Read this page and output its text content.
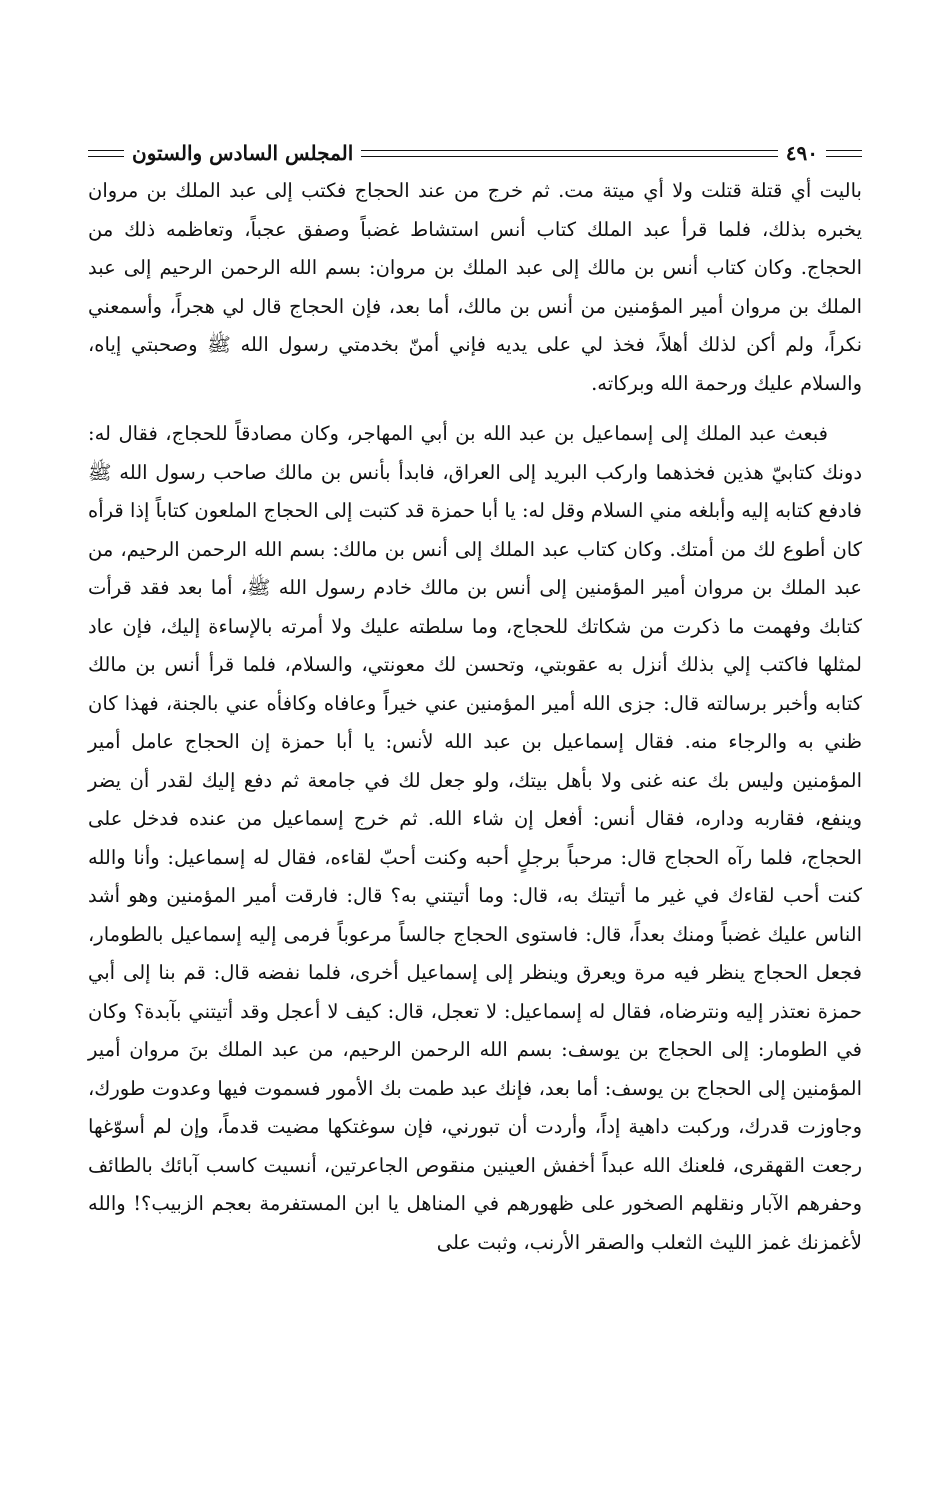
٤٩٠
المجلس السادس والستون

باليت أي قتلة قتلت ولا أي ميتة مت. ثم خرج من عند الحجاج فكتب إلى عبد الملك بن مروان يخبره بذلك، فلما قرأ عبد الملك كتاب أنس استشاط غضباً وصفق عجباً، وتعاظمه ذلك من الحجاج. وكان كتاب أنس بن مالك إلى عبد الملك بن مروان: بسم الله الرحمن الرحيم إلى عبد الملك بن مروان أمير المؤمنين من أنس بن مالك، أما بعد، فإن الحجاج قال لي هجراً، وأسمعني نكراً، ولم أكن لذلك أهلاً، فخذ لي على يديه فإني أمنّ بخدمتي رسول الله ﷺ وصحبتي إياه، والسلام عليك ورحمة الله وبركاته.

فبعث عبد الملك إلى إسماعيل بن عبد الله بن أبي المهاجر، وكان مصادقاً للحجاج، فقال له: دونك كتابيّ هذين فخذهما واركب البريد إلى العراق، فابدأ بأنس بن مالك صاحب رسول الله ﷺ فادفع كتابه إليه وأبلغه مني السلام وقل له: يا أبا حمزة قد كتبت إلى الحجاج الملعون كتاباً إذا قرأه كان أطوع لك من أمتك. وكان كتاب عبد الملك إلى أنس بن مالك: بسم الله الرحمن الرحيم، من عبد الملك بن مروان أمير المؤمنين إلى أنس بن مالك خادم رسول الله ﷺ، أما بعد فقد قرأت كتابك وفهمت ما ذكرت من شكاتك للحجاج، وما سلطته عليك ولا أمرته بالإساءة إليك، فإن عاد لمثلها فاكتب إلي بذلك أنزل به عقوبتي، وتحسن لك معونتي، والسلام، فلما قرأ أنس بن مالك كتابه وأخبر برسالته قال: جزى الله أمير المؤمنين عني خيراً وعافاه وكافأه عني بالجنة، فهذا كان ظني به والرجاء منه. فقال إسماعيل بن عبد الله لأنس: يا أبا حمزة إن الحجاج عامل أمير المؤمنين وليس بك عنه غنى ولا بأهل بيتك، ولو جعل لك في جامعة ثم دفع إليك لقدر أن يضر وينفع، فقاربه وداره، فقال أنس: أفعل إن شاء الله. ثم خرج إسماعيل من عنده فدخل على الحجاج، فلما رآه الحجاج قال: مرحباً برجلٍ أحبه وكنت أحبّ لقاءه، فقال له إسماعيل: وأنا والله كنت أحب لقاءك في غير ما أتيتك به، قال: وما أتيتني به؟ قال: فارقت أمير المؤمنين وهو أشد الناس عليك غضباً ومنك بعداً، قال: فاستوى الحجاج جالساً مرعوباً فرمى إليه إسماعيل بالطومار، فجعل الحجاج ينظر فيه مرة ويعرق وينظر إلى إسماعيل أخرى، فلما نفضه قال: قم بنا إلى أبي حمزة نعتذر إليه ونترضاه، فقال له إسماعيل: لا تعجل، قال: كيف لا أعجل وقد أتيتني بآبدة؟ وكان في الطومار: إلى الحجاج بن يوسف: بسم الله الرحمن الرحيم، من عبد الملك بنَ مروان أمير المؤمنين إلى الحجاج بن يوسف: أما بعد، فإنك عبد طمت بك الأمور فسموت فيها وعدوت طورك، وجاوزت قدرك، وركبت داهية إداً، وأردت أن تبورني، فإن سوغتكها مضيت قدماً، وإن لم أسوّغها رجعت القهقرى، فلعنك الله عبداً أخفش العينين منقوص الجاعرتين، أنسيت كاسب آبائك بالطائف وحفرهم الآبار ونقلهم الصخور على ظهورهم في المناهل يا ابن المستفرمة بعجم الزبيب؟! والله لأغمزنك غمز الليث الثعلب والصقر الأرنب، وثبت على
